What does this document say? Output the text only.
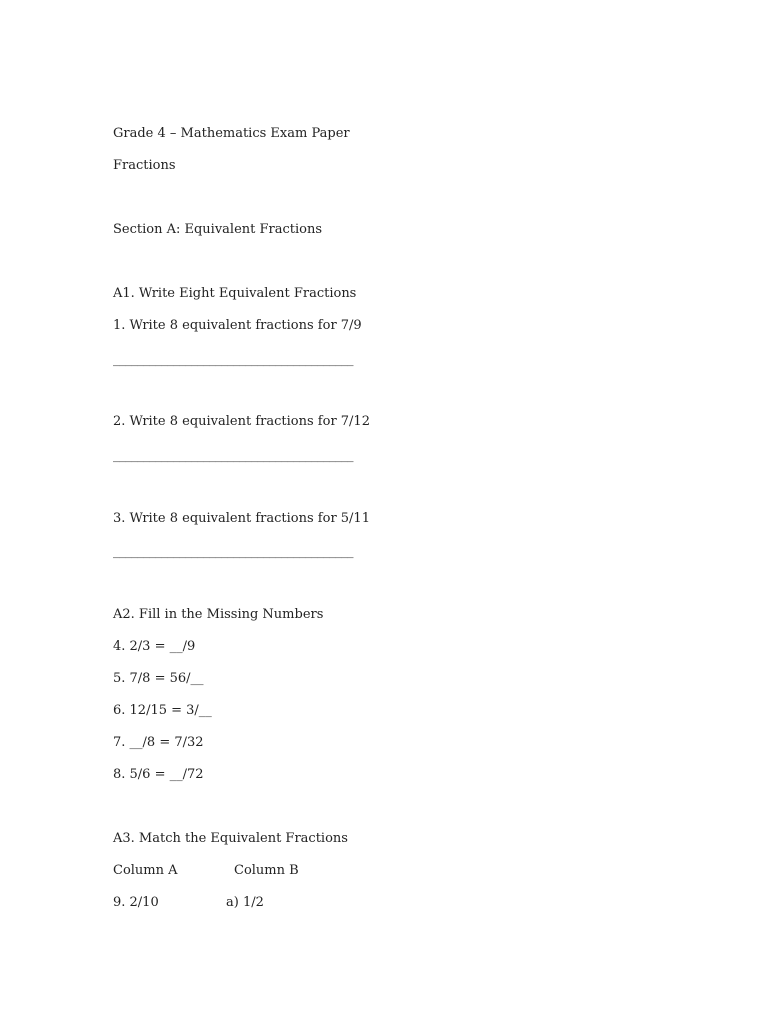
Grade 4 – Mathematics Exam Paper
Fractions
Section A: Equivalent Fractions
A1. Write Eight Equivalent Fractions
1. Write 8 equivalent fractions for 7/9
________________________________________
2. Write 8 equivalent fractions for 7/12
________________________________________
3. Write 8 equivalent fractions for 5/11
________________________________________
A2. Fill in the Missing Numbers
4. 2/3 = __/9
5. 7/8 = 56/__
6. 12/15 = 3/__
7. __/8 = 7/32
8. 5/6 = __/72
A3. Match the Equivalent Fractions
Column A	Column B
9. 2/10	a) 1/2
